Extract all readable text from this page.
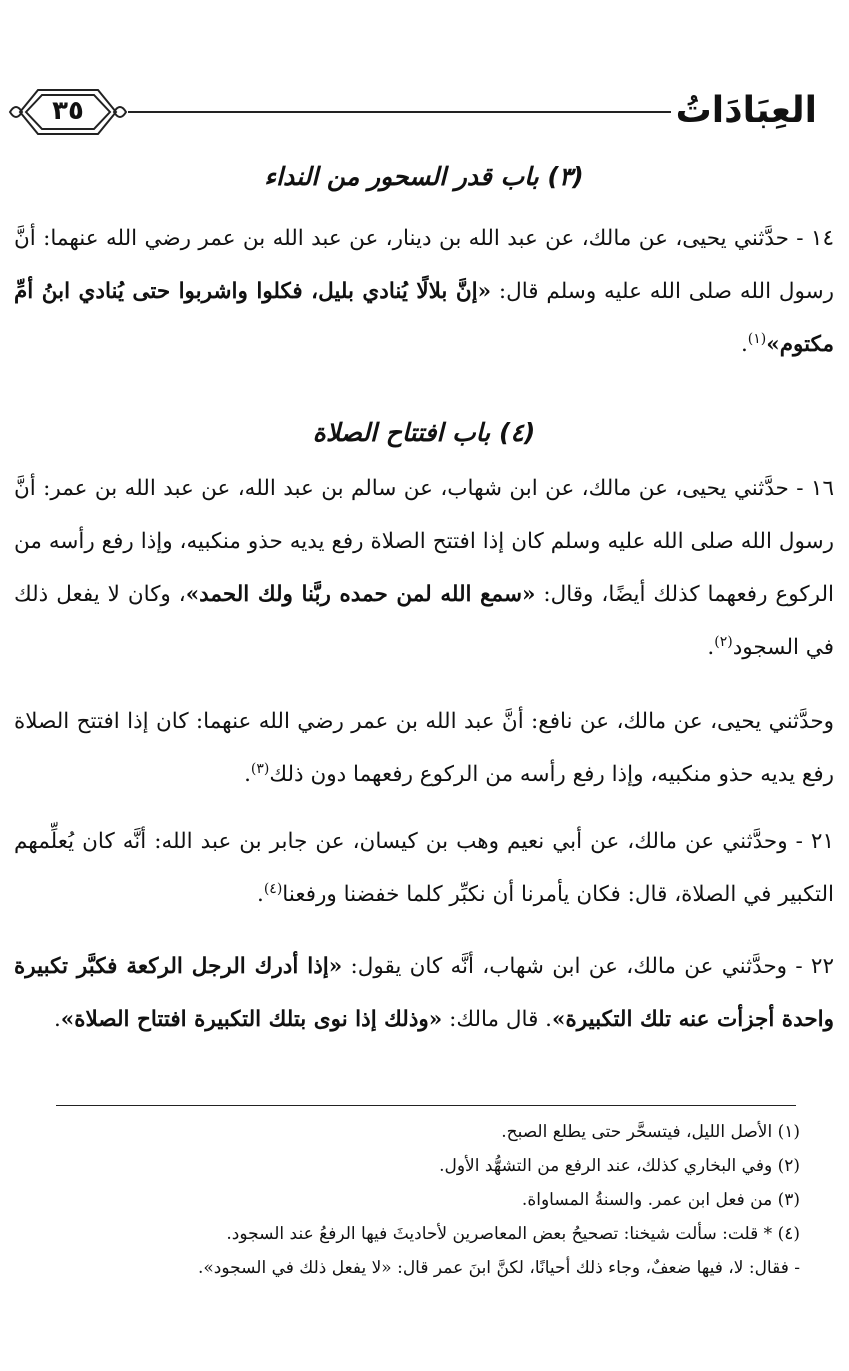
٣٥	العِبَادَاتُ
(٣) باب قدر السحور من النداء
١٤ - حدَّثني يحيى، عن مالك، عن عبد الله بن دينار، عن عبد الله بن عمر رضي الله عنهما: أنَّ رسول الله صلى الله عليه وسلم قال: «إنَّ بلالًا يُنادي بليل، فكلوا واشربوا حتى يُنادي ابنُ أمِّ مكتوم»$^{(١)}$.
(٤) باب افتتاح الصلاة
١٦ - حدَّثني يحيى، عن مالك، عن ابن شهاب، عن سالم بن عبد الله، عن عبد الله بن عمر: أنَّ رسول الله صلى الله عليه وسلم كان إذا افتتح الصلاة رفع يديه حذو منكبيه، وإذا رفع رأسه من الركوع رفعهما كذلك أيضًا، وقال: «سمع الله لمن حمده ربَّنا ولك الحمد»، وكان لا يفعل ذلك في السجود$^{(٢)}$.
وحدَّثني يحيى، عن مالك، عن نافع: أنَّ عبد الله بن عمر رضي الله عنهما: كان إذا افتتح الصلاة رفع يديه حذو منكبيه، وإذا رفع رأسه من الركوع رفعهما دون ذلك$^{(٣)}$.
٢١ - وحدَّثني عن مالك، عن أبي نعيم وهب بن كيسان، عن جابر بن عبد الله: أنَّه كان يُعلِّمهم التكبير في الصلاة، قال: فكان يأمرنا أن نكبِّر كلما خفضنا ورفعنا$^{(٤)}$.
٢٢ - وحدَّثني عن مالك، عن ابن شهاب، أنَّه كان يقول: «إذا أدرك الرجل الركعة فكبَّر تكبيرة واحدة أجزأت عنه تلك التكبيرة». قال مالك: «وذلك إذا نوى بتلك التكبيرة افتتاح الصلاة».
(١) الأصل الليل، فيتسحَّر حتى يطلع الصبح.
(٢) وفي البخاري كذلك، عند الرفع من التشهُّد الأول.
(٣) من فعل ابن عمر. والسنةُ المساواة.
(٤) * قلت: سألت شيخنا: تصحيحُ بعض المعاصرين لأحاديثَ فيها الرفعُ عند السجود.
- فقال: لا، فيها ضعفٌ، وجاء ذلك أحيانًا، لكنَّ ابنَ عمر قال: «لا يفعل ذلك في السجود».
